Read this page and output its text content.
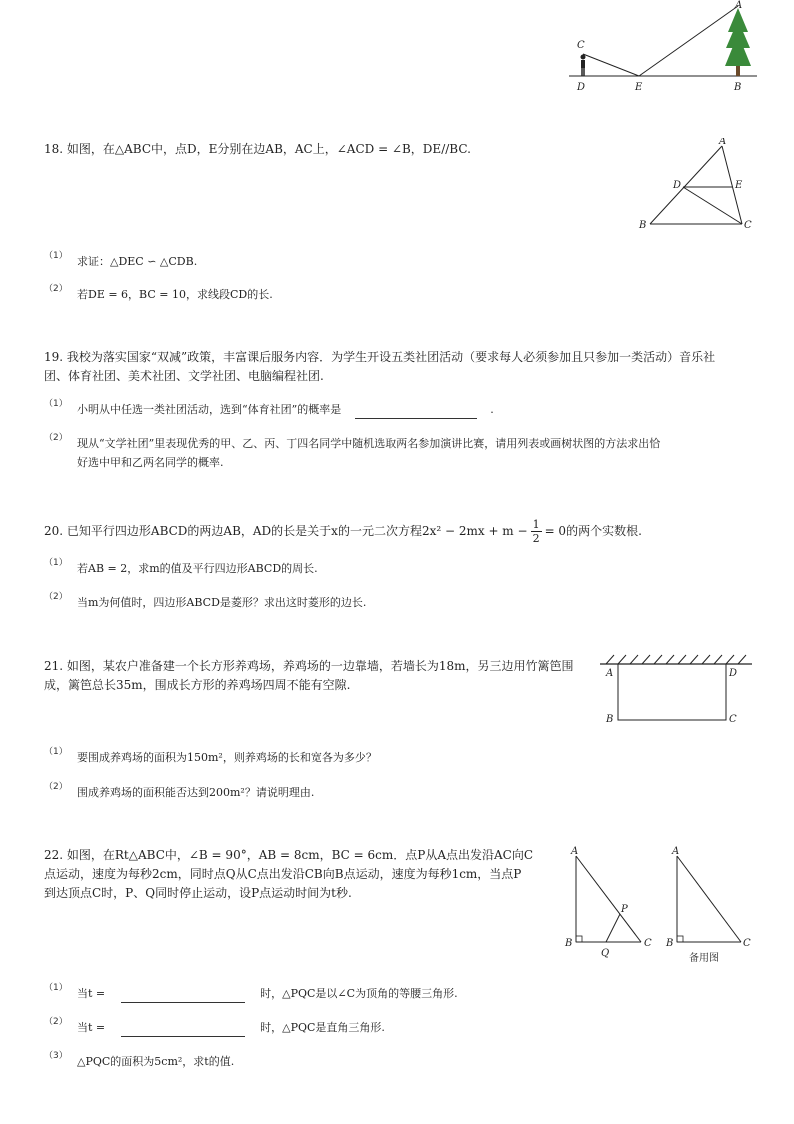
C
A
D	E	B
18. 如图，在△ABC中，点D，E分别在边AB，AC上，∠ACD = ∠B，DE//BC.
A
D	E
B	C
（1） 求证：△DEC ∽ △CDB.
（2） 若DE = 6，BC = 10，求线段CD的长.
19. 我校为落实国家“双减”政策，丰富课后服务内容．为学生开设五类社团活动（要求每人必须参加且只参加一类活动）音乐社
团、体育社团、美术社团、文学社团、电脑编程社团.
（1） 小明从中任选一类社团活动，选到“体育社团”的概率是	.
（2） 现从“文学社团”里表现优秀的甲、乙、丙、丁四名同学中随机选取两名参加演讲比赛，请用列表或画树状图的方法求出恰
好选中甲和乙两名同学的概率.
20. 已知平行四边形ABCD的两边AB，AD的长是关于x的一元二次方程$2x^2 - 2mx + m - \frac{1}{2} = 0$的两个实数根.
（1） 若AB = 2，求m的值及平行四边形ABCD的周长.
（2） 当m为何值时，四边形ABCD是菱形？求出这时菱形的边长.
21. 如图，某农户准备建一个长方形养鸡场，养鸡场的一边靠墙，若墙长为18m，另三边用竹篱笆围
成，篱笆总长35m，围成长方形的养鸡场四周不能有空隙.
A	D
B	C
（1） 要围成养鸡场的面积为150m²，则养鸡场的长和宽各为多少？
（2） 围成养鸡场的面积能否达到200m²？请说明理由.
22. 如图，在Rt△ABC中，∠B = 90°，AB = 8cm，BC = 6cm．点P从A点出发沿AC向C
点运动，速度为每秒2cm，同时点Q从C点出发沿CB向B点运动，速度为每秒1cm，当点P
到达顶点C时，P、Q同时停止运动，设P点运动时间为t秒.
A
P
B
Q
C
A
B	C
备用图
（1） 当t =	时，△PQC是以∠C为顶角的等腰三角形.
（2） 当t =	时，△PQC是直角三角形.
（3） △PQC的面积为5cm²，求t的值.
